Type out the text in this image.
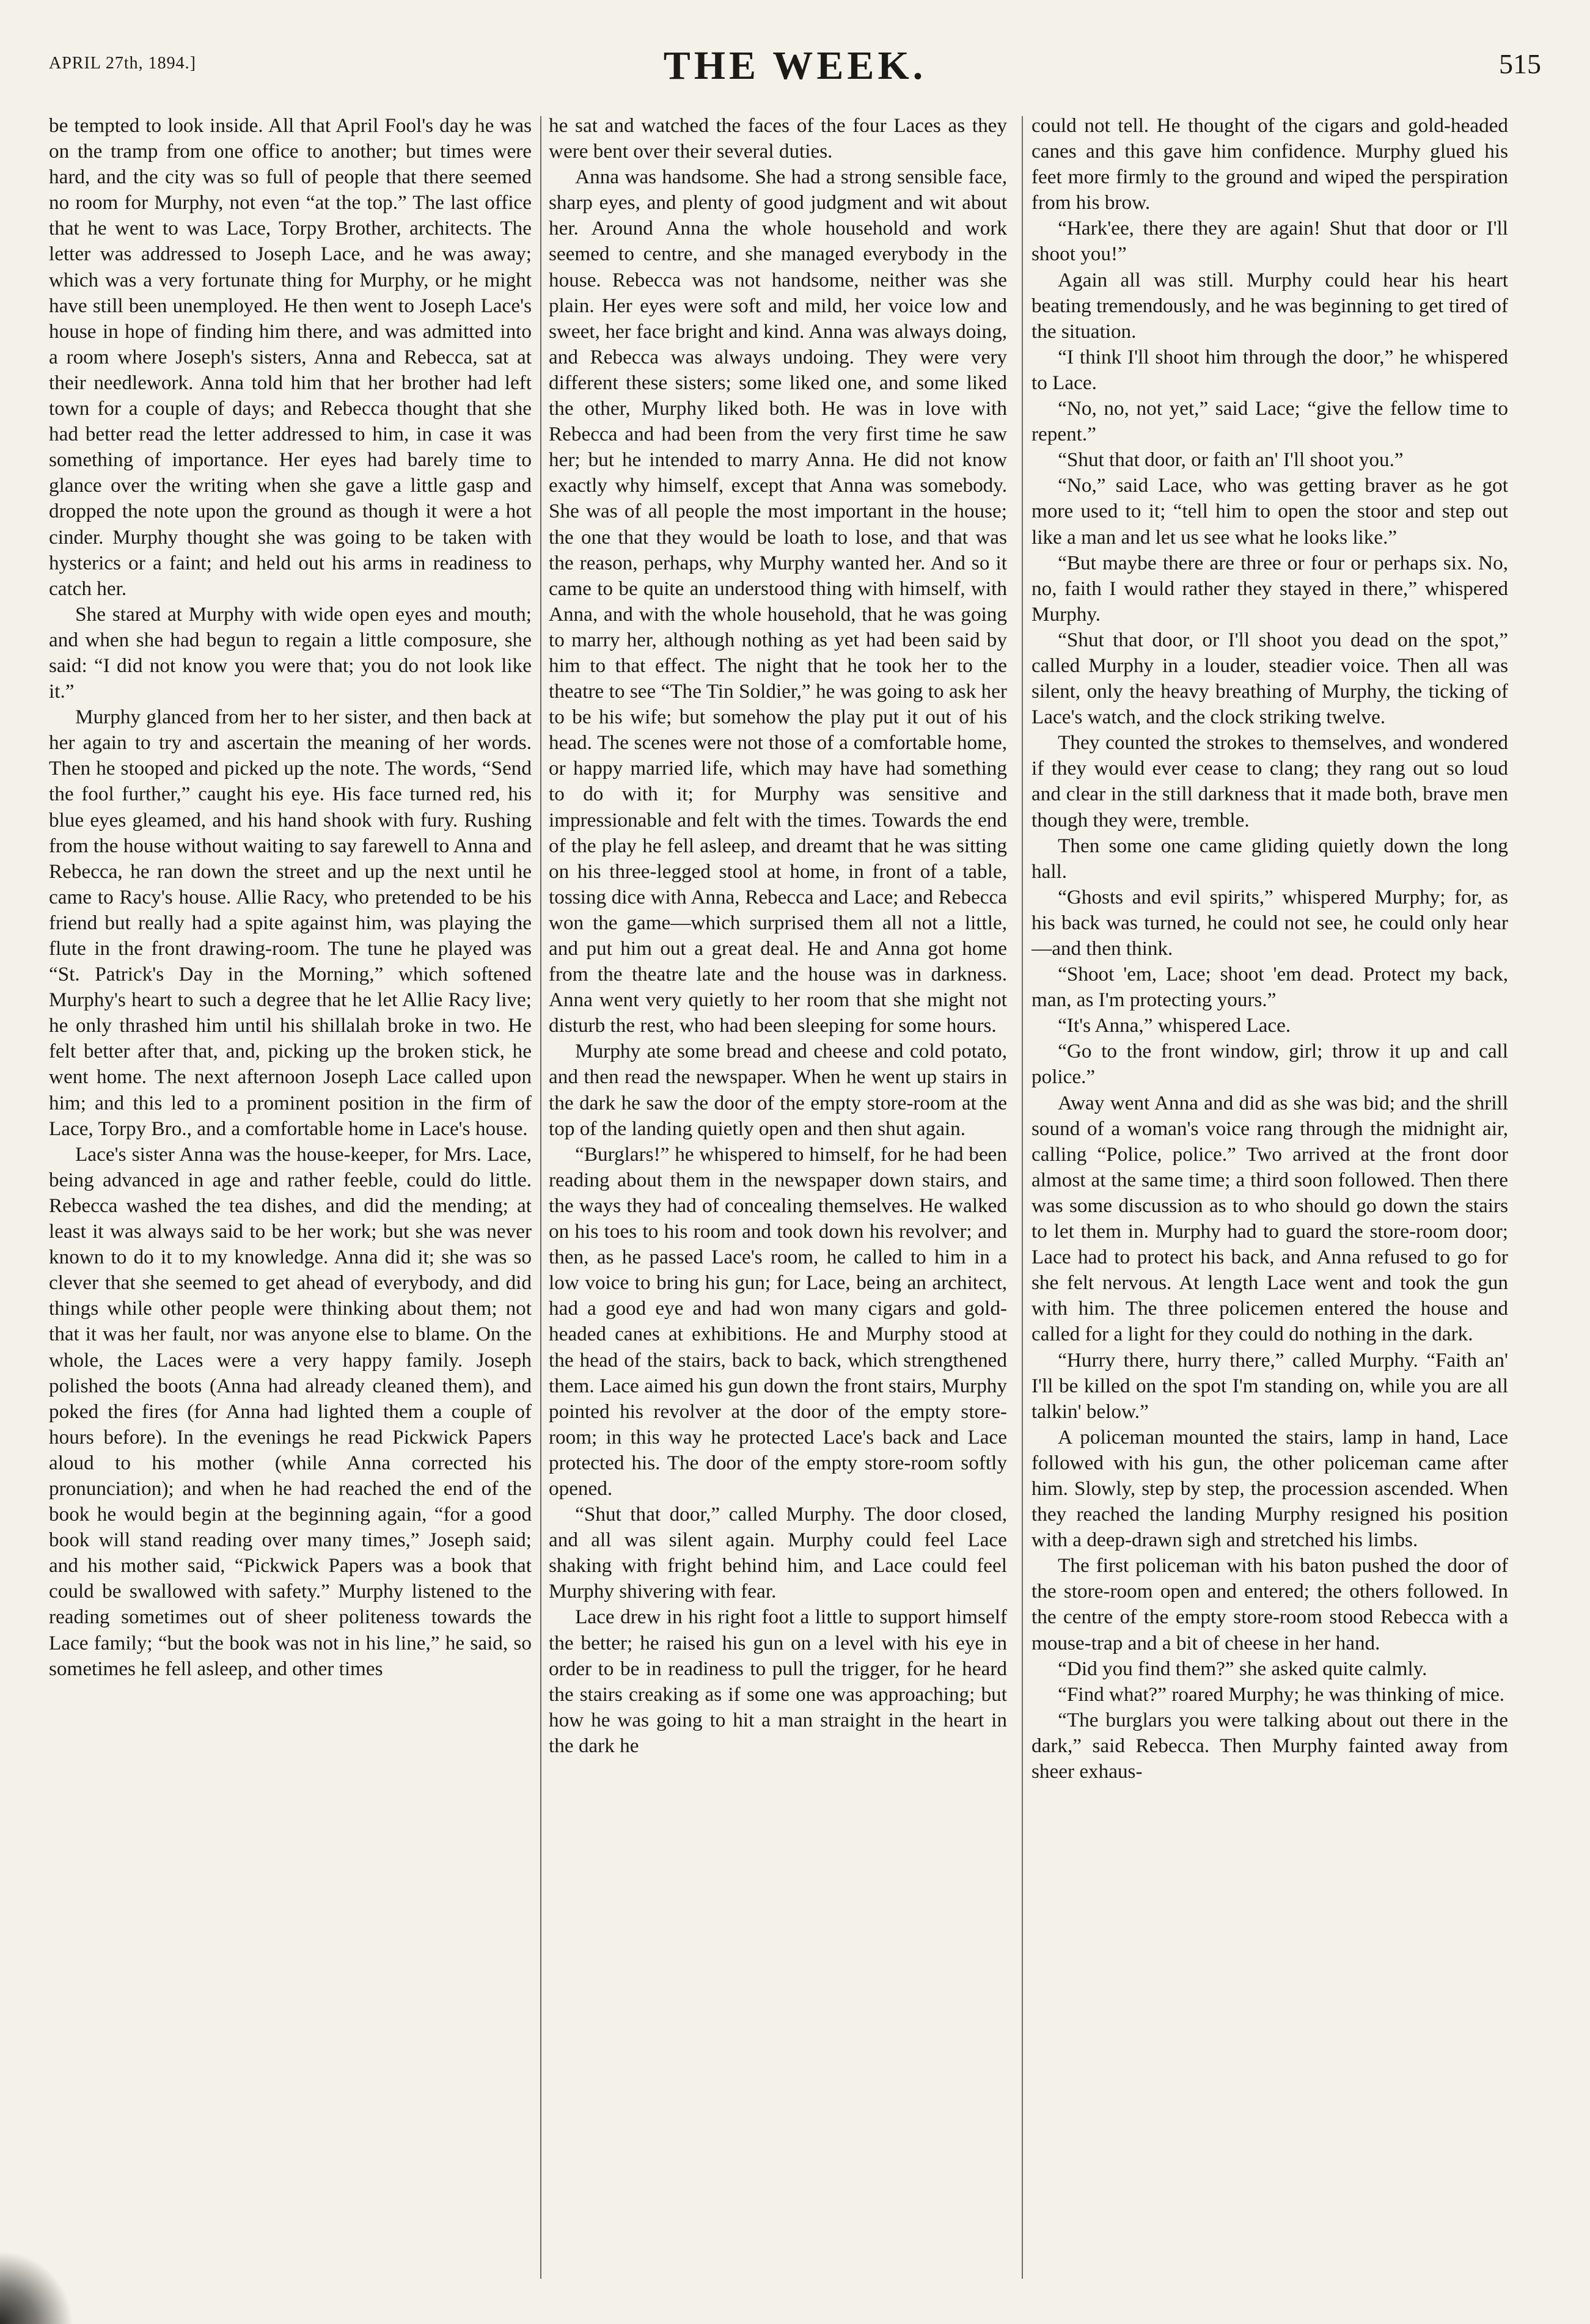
APRIL 27th, 1894.]	THE WEEK.	515

be tempted to look inside. All that April Fool's day he was on the tramp from one office to another; but times were hard, and the city was so full of people that there seemed no room for Murphy, not even “at the top.” The last office that he went to was Lace, Torpy Brother, architects. The letter was addressed to Joseph Lace, and he was away; which was a very fortunate thing for Murphy, or he might have still been unemployed. He then went to Joseph Lace's house in hope of finding him there, and was admitted into a room where Joseph's sisters, Anna and Rebecca, sat at their needlework. Anna told him that her brother had left town for a couple of days; and Rebecca thought that she had better read the letter addressed to him, in case it was something of importance. Her eyes had barely time to glance over the writing when she gave a little gasp and dropped the note upon the ground as though it were a hot cinder. Murphy thought she was going to be taken with hysterics or a faint; and held out his arms in readiness to catch her.

She stared at Murphy with wide open eyes and mouth; and when she had begun to regain a little composure, she said: “I did not know you were that; you do not look like it.”

Murphy glanced from her to her sister, and then back at her again to try and ascertain the meaning of her words. Then he stooped and picked up the note. The words, “Send the fool further,” caught his eye. His face turned red, his blue eyes gleamed, and his hand shook with fury. Rushing from the house without waiting to say farewell to Anna and Rebecca, he ran down the street and up the next until he came to Racy's house. Allie Racy, who pretended to be his friend but really had a spite against him, was playing the flute in the front drawing-room. The tune he played was “St. Patrick's Day in the Morning,” which softened Murphy's heart to such a degree that he let Allie Racy live; he only thrashed him until his shillalah broke in two. He felt better after that, and, picking up the broken stick, he went home. The next afternoon Joseph Lace called upon him; and this led to a prominent position in the firm of Lace, Torpy Bro., and a comfortable home in Lace's house.

Lace's sister Anna was the house-keeper, for Mrs. Lace, being advanced in age and rather feeble, could do little. Rebecca washed the tea dishes, and did the mending; at least it was always said to be her work; but she was never known to do it to my knowledge. Anna did it; she was so clever that she seemed to get ahead of everybody, and did things while other people were thinking about them; not that it was her fault, nor was anyone else to blame. On the whole, the Laces were a very happy family. Joseph polished the boots (Anna had already cleaned them), and poked the fires (for Anna had lighted them a couple of hours before). In the evenings he read Pickwick Papers aloud to his mother (while Anna corrected his pronunciation); and when he had reached the end of the book he would begin at the beginning again, “for a good book will stand reading over many times,” Joseph said; and his mother said, “Pickwick Papers was a book that could be swallowed with safety.” Murphy listened to the reading sometimes out of sheer politeness towards the Lace family; “but the book was not in his line,” he said, so sometimes he fell asleep, and other times

he sat and watched the faces of the four Laces as they were bent over their several duties.

Anna was handsome. She had a strong sensible face, sharp eyes, and plenty of good judgment and wit about her. Around Anna the whole household and work seemed to centre, and she managed everybody in the house. Rebecca was not handsome, neither was she plain. Her eyes were soft and mild, her voice low and sweet, her face bright and kind. Anna was always doing, and Rebecca was always undoing. They were very different these sisters; some liked one, and some liked the other, Murphy liked both. He was in love with Rebecca and had been from the very first time he saw her; but he intended to marry Anna. He did not know exactly why himself, except that Anna was somebody. She was of all people the most important in the house; the one that they would be loath to lose, and that was the reason, perhaps, why Murphy wanted her. And so it came to be quite an understood thing with himself, with Anna, and with the whole household, that he was going to marry her, although nothing as yet had been said by him to that effect. The night that he took her to the theatre to see “The Tin Soldier,” he was going to ask her to be his wife; but somehow the play put it out of his head. The scenes were not those of a comfortable home, or happy married life, which may have had something to do with it; for Murphy was sensitive and impressionable and felt with the times. Towards the end of the play he fell asleep, and dreamt that he was sitting on his three-legged stool at home, in front of a table, tossing dice with Anna, Rebecca and Lace; and Rebecca won the game—which surprised them all not a little, and put him out a great deal. He and Anna got home from the theatre late and the house was in darkness. Anna went very quietly to her room that she might not disturb the rest, who had been sleeping for some hours.

Murphy ate some bread and cheese and cold potato, and then read the newspaper. When he went up stairs in the dark he saw the door of the empty store-room at the top of the landing quietly open and then shut again.

“Burglars!” he whispered to himself, for he had been reading about them in the newspaper down stairs, and the ways they had of concealing themselves. He walked on his toes to his room and took down his revolver; and then, as he passed Lace's room, he called to him in a low voice to bring his gun; for Lace, being an architect, had a good eye and had won many cigars and gold-headed canes at exhibitions. He and Murphy stood at the head of the stairs, back to back, which strengthened them. Lace aimed his gun down the front stairs, Murphy pointed his revolver at the door of the empty store-room; in this way he protected Lace's back and Lace protected his. The door of the empty store-room softly opened.

“Shut that door,” called Murphy. The door closed, and all was silent again. Murphy could feel Lace shaking with fright behind him, and Lace could feel Murphy shivering with fear.

Lace drew in his right foot a little to support himself the better; he raised his gun on a level with his eye in order to be in readiness to pull the trigger, for he heard the stairs creaking as if some one was approaching; but how he was going to hit a man straight in the heart in the dark he

could not tell. He thought of the cigars and gold-headed canes and this gave him confidence. Murphy glued his feet more firmly to the ground and wiped the perspiration from his brow.

“Hark'ee, there they are again! Shut that door or I'll shoot you!”

Again all was still. Murphy could hear his heart beating tremendously, and he was beginning to get tired of the situation.

“I think I'll shoot him through the door,” he whispered to Lace.

“No, no, not yet,” said Lace; “give the fellow time to repent.”

“Shut that door, or faith an' I'll shoot you.”

“No,” said Lace, who was getting braver as he got more used to it; “tell him to open the stoor and step out like a man and let us see what he looks like.”

“But maybe there are three or four or perhaps six. No, no, faith I would rather they stayed in there,” whispered Murphy.

“Shut that door, or I'll shoot you dead on the spot,” called Murphy in a louder, steadier voice. Then all was silent, only the heavy breathing of Murphy, the ticking of Lace's watch, and the clock striking twelve.

They counted the strokes to themselves, and wondered if they would ever cease to clang; they rang out so loud and clear in the still darkness that it made both, brave men though they were, tremble.

Then some one came gliding quietly down the long hall.

“Ghosts and evil spirits,” whispered Murphy; for, as his back was turned, he could not see, he could only hear—and then think.

“Shoot 'em, Lace; shoot 'em dead. Protect my back, man, as I'm protecting yours.”

“It's Anna,” whispered Lace.

“Go to the front window, girl; throw it up and call police.”

Away went Anna and did as she was bid; and the shrill sound of a woman's voice rang through the midnight air, calling “Police, police.” Two arrived at the front door almost at the same time; a third soon followed. Then there was some discussion as to who should go down the stairs to let them in. Murphy had to guard the store-room door; Lace had to protect his back, and Anna refused to go for she felt nervous. At length Lace went and took the gun with him. The three policemen entered the house and called for a light for they could do nothing in the dark.

“Hurry there, hurry there,” called Murphy. “Faith an' I'll be killed on the spot I'm standing on, while you are all talkin' below.”

A policeman mounted the stairs, lamp in hand, Lace followed with his gun, the other policeman came after him. Slowly, step by step, the procession ascended. When they reached the landing Murphy resigned his position with a deep-drawn sigh and stretched his limbs.

The first policeman with his baton pushed the door of the store-room open and entered; the others followed. In the centre of the empty store-room stood Rebecca with a mouse-trap and a bit of cheese in her hand.

“Did you find them?” she asked quite calmly.

“Find what?” roared Murphy; he was thinking of mice.

“The burglars you were talking about out there in the dark,” said Rebecca. Then Murphy fainted away from sheer exhaus-
